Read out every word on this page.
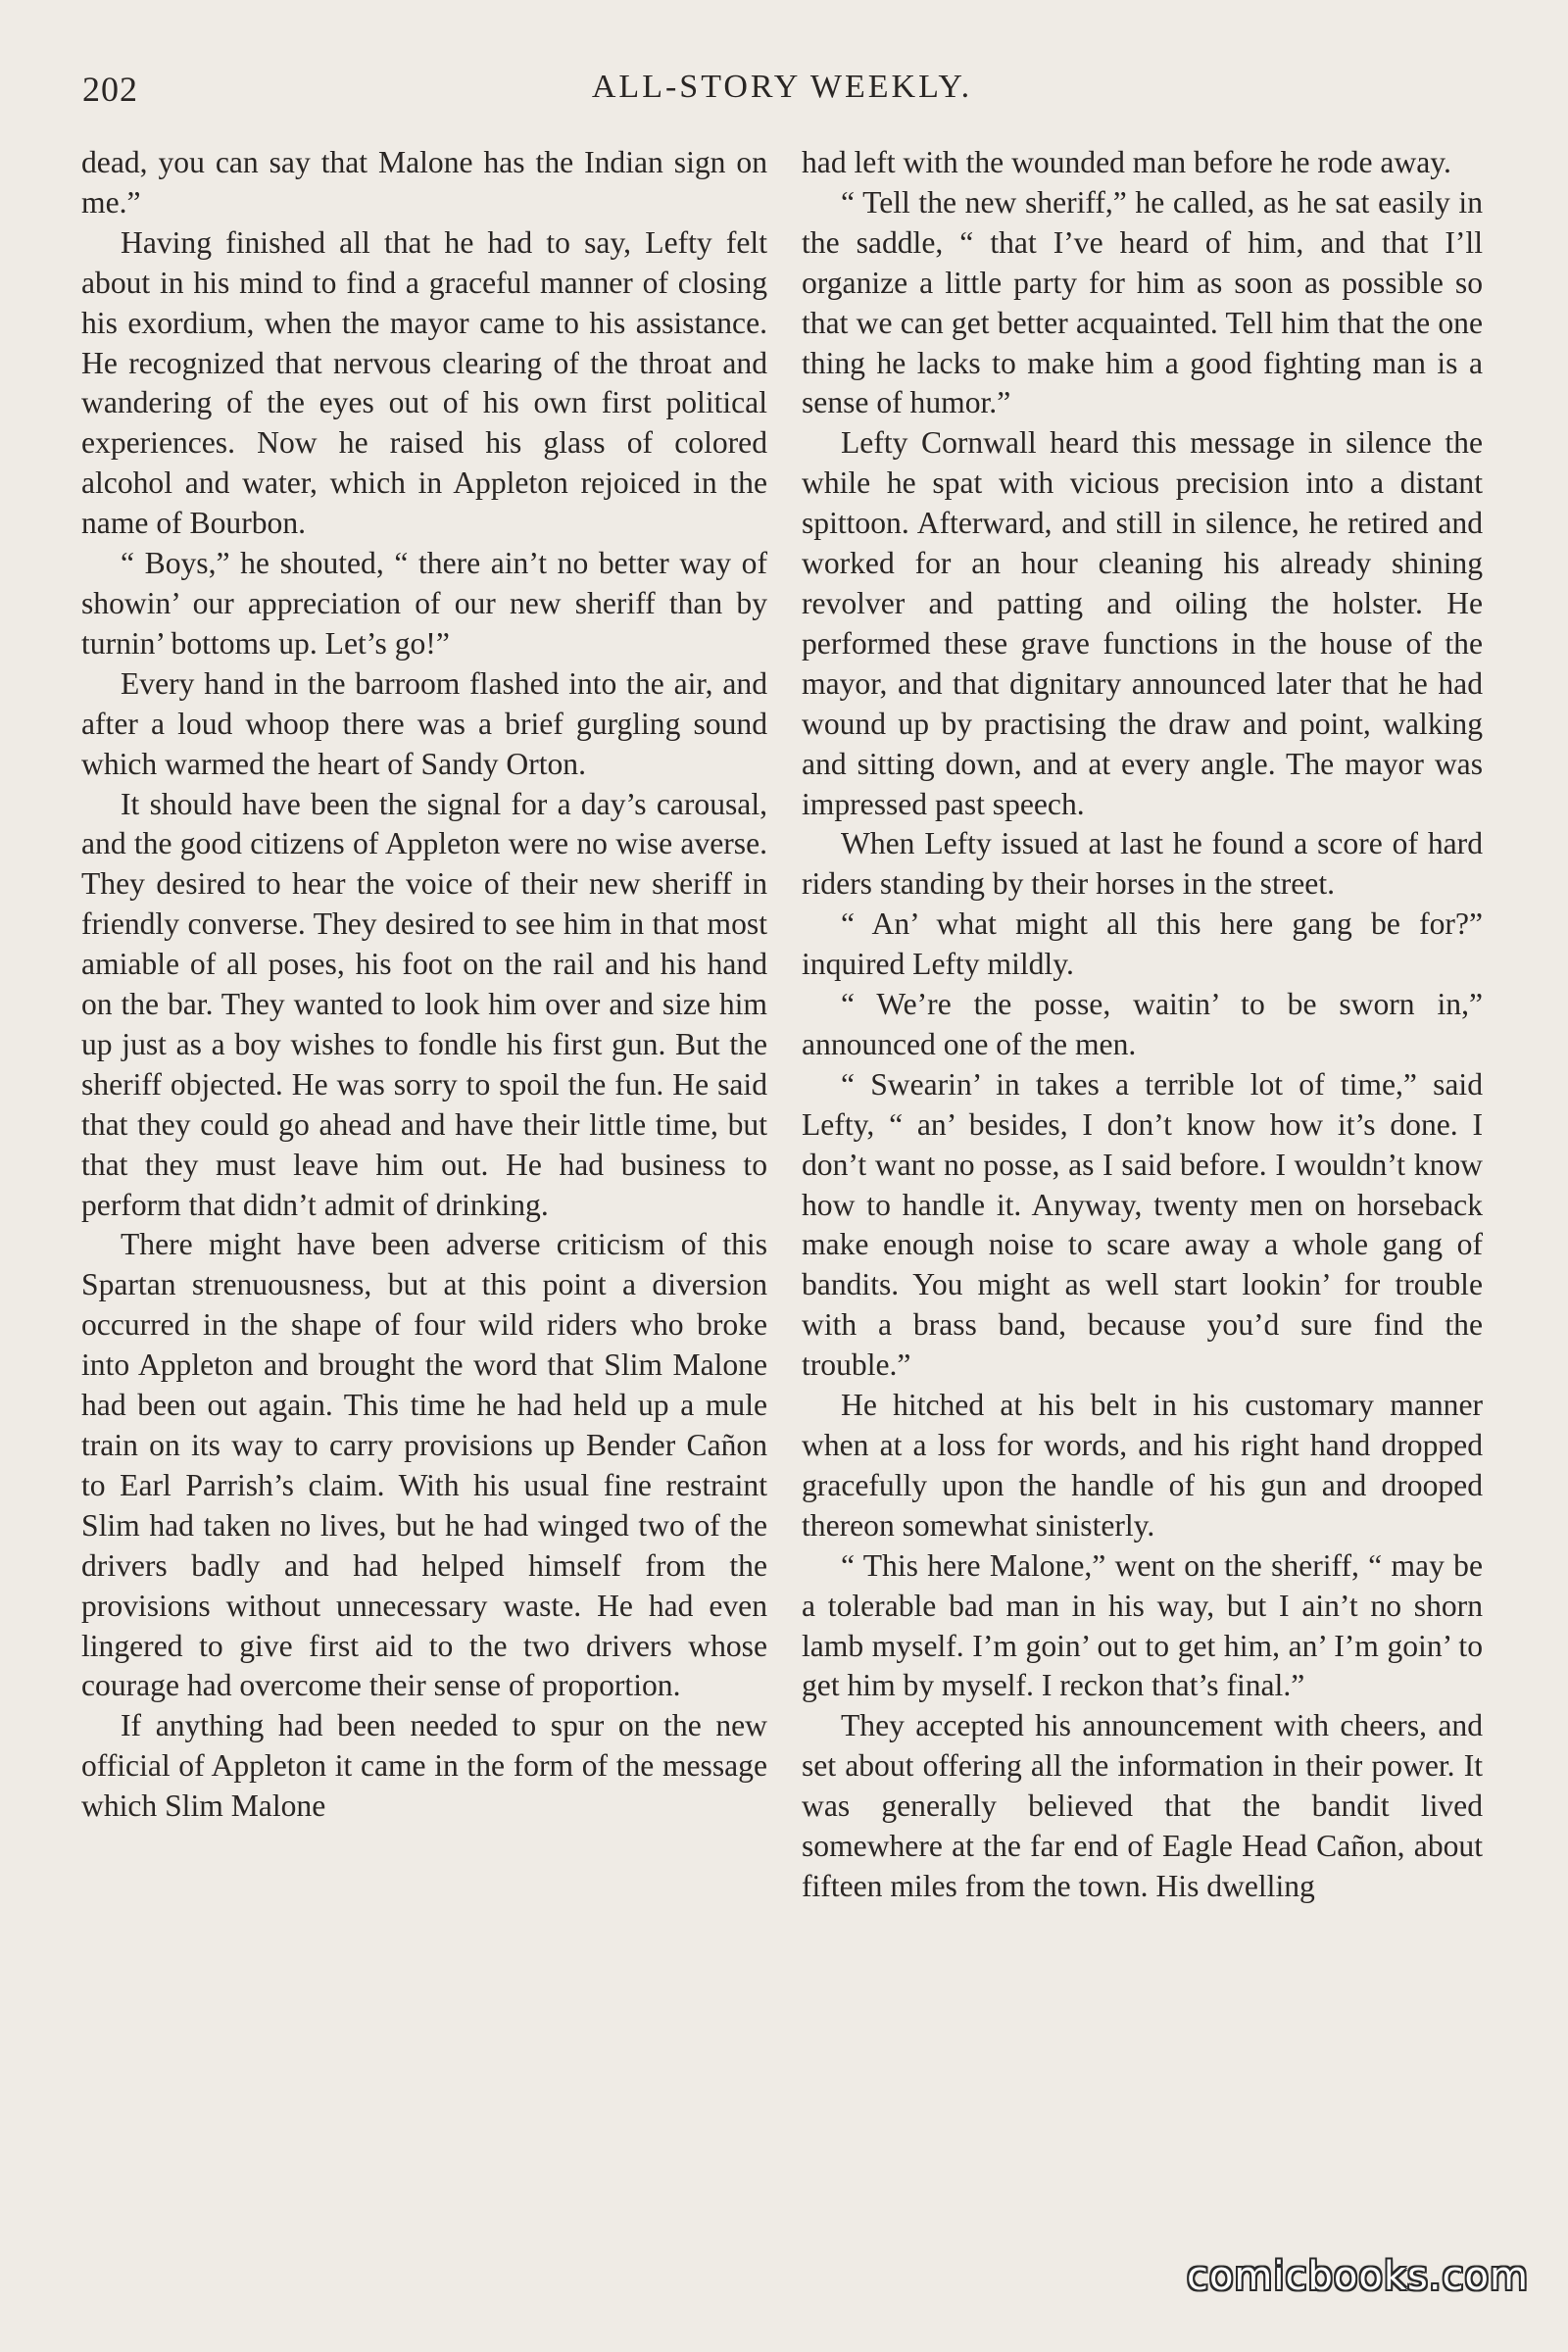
202	ALL-STORY WEEKLY.

dead, you can say that Malone has the Indian sign on me.”

Having finished all that he had to say, Lefty felt about in his mind to find a graceful manner of closing his exordium, when the mayor came to his assistance. He recognized that nervous clearing of the throat and wandering of the eyes out of his own first political experiences. Now he raised his glass of colored alcohol and water, which in Appleton rejoiced in the name of Bourbon.

“ Boys,” he shouted, “ there ain’t no better way of showin’ our appreciation of our new sheriff than by turnin’ bottoms up. Let’s go!”

Every hand in the barroom flashed into the air, and after a loud whoop there was a brief gurgling sound which warmed the heart of Sandy Orton.

It should have been the signal for a day’s carousal, and the good citizens of Appleton were no wise averse. They desired to hear the voice of their new sheriff in friendly converse. They desired to see him in that most amiable of all poses, his foot on the rail and his hand on the bar. They wanted to look him over and size him up just as a boy wishes to fondle his first gun. But the sheriff objected. He was sorry to spoil the fun. He said that they could go ahead and have their little time, but that they must leave him out. He had business to perform that didn’t admit of drinking.

There might have been adverse criticism of this Spartan strenuousness, but at this point a diversion occurred in the shape of four wild riders who broke into Appleton and brought the word that Slim Malone had been out again. This time he had held up a mule train on its way to carry provisions up Bender Cañon to Earl Parrish’s claim. With his usual fine restraint Slim had taken no lives, but he had winged two of the drivers badly and had helped himself from the provisions without unnecessary waste. He had even lingered to give first aid to the two drivers whose courage had overcome their sense of proportion.

If anything had been needed to spur on the new official of Appleton it came in the form of the message which Slim Malone

had left with the wounded man before he rode away.

“ Tell the new sheriff,” he called, as he sat easily in the saddle, “ that I’ve heard of him, and that I’ll organize a little party for him as soon as possible so that we can get better acquainted. Tell him that the one thing he lacks to make him a good fighting man is a sense of humor.”

Lefty Cornwall heard this message in silence the while he spat with vicious precision into a distant spittoon. Afterward, and still in silence, he retired and worked for an hour cleaning his already shining revolver and patting and oiling the holster. He performed these grave functions in the house of the mayor, and that dignitary announced later that he had wound up by practising the draw and point, walking and sitting down, and at every angle. The mayor was impressed past speech.

When Lefty issued at last he found a score of hard riders standing by their horses in the street.

“ An’ what might all this here gang be for?” inquired Lefty mildly.

“ We’re the posse, waitin’ to be sworn in,” announced one of the men.

“ Swearin’ in takes a terrible lot of time,” said Lefty, “ an’ besides, I don’t know how it’s done. I don’t want no posse, as I said before. I wouldn’t know how to handle it. Anyway, twenty men on horseback make enough noise to scare away a whole gang of bandits. You might as well start lookin’ for trouble with a brass band, because you’d sure find the trouble.”

He hitched at his belt in his customary manner when at a loss for words, and his right hand dropped gracefully upon the handle of his gun and drooped thereon somewhat sinisterly.

“ This here Malone,” went on the sheriff, “ may be a tolerable bad man in his way, but I ain’t no shorn lamb myself. I’m goin’ out to get him, an’ I’m goin’ to get him by myself. I reckon that’s final.”

They accepted his announcement with cheers, and set about offering all the information in their power. It was generally believed that the bandit lived somewhere at the far end of Eagle Head Cañon, about fifteen miles from the town. His dwelling

comicbooks.com
